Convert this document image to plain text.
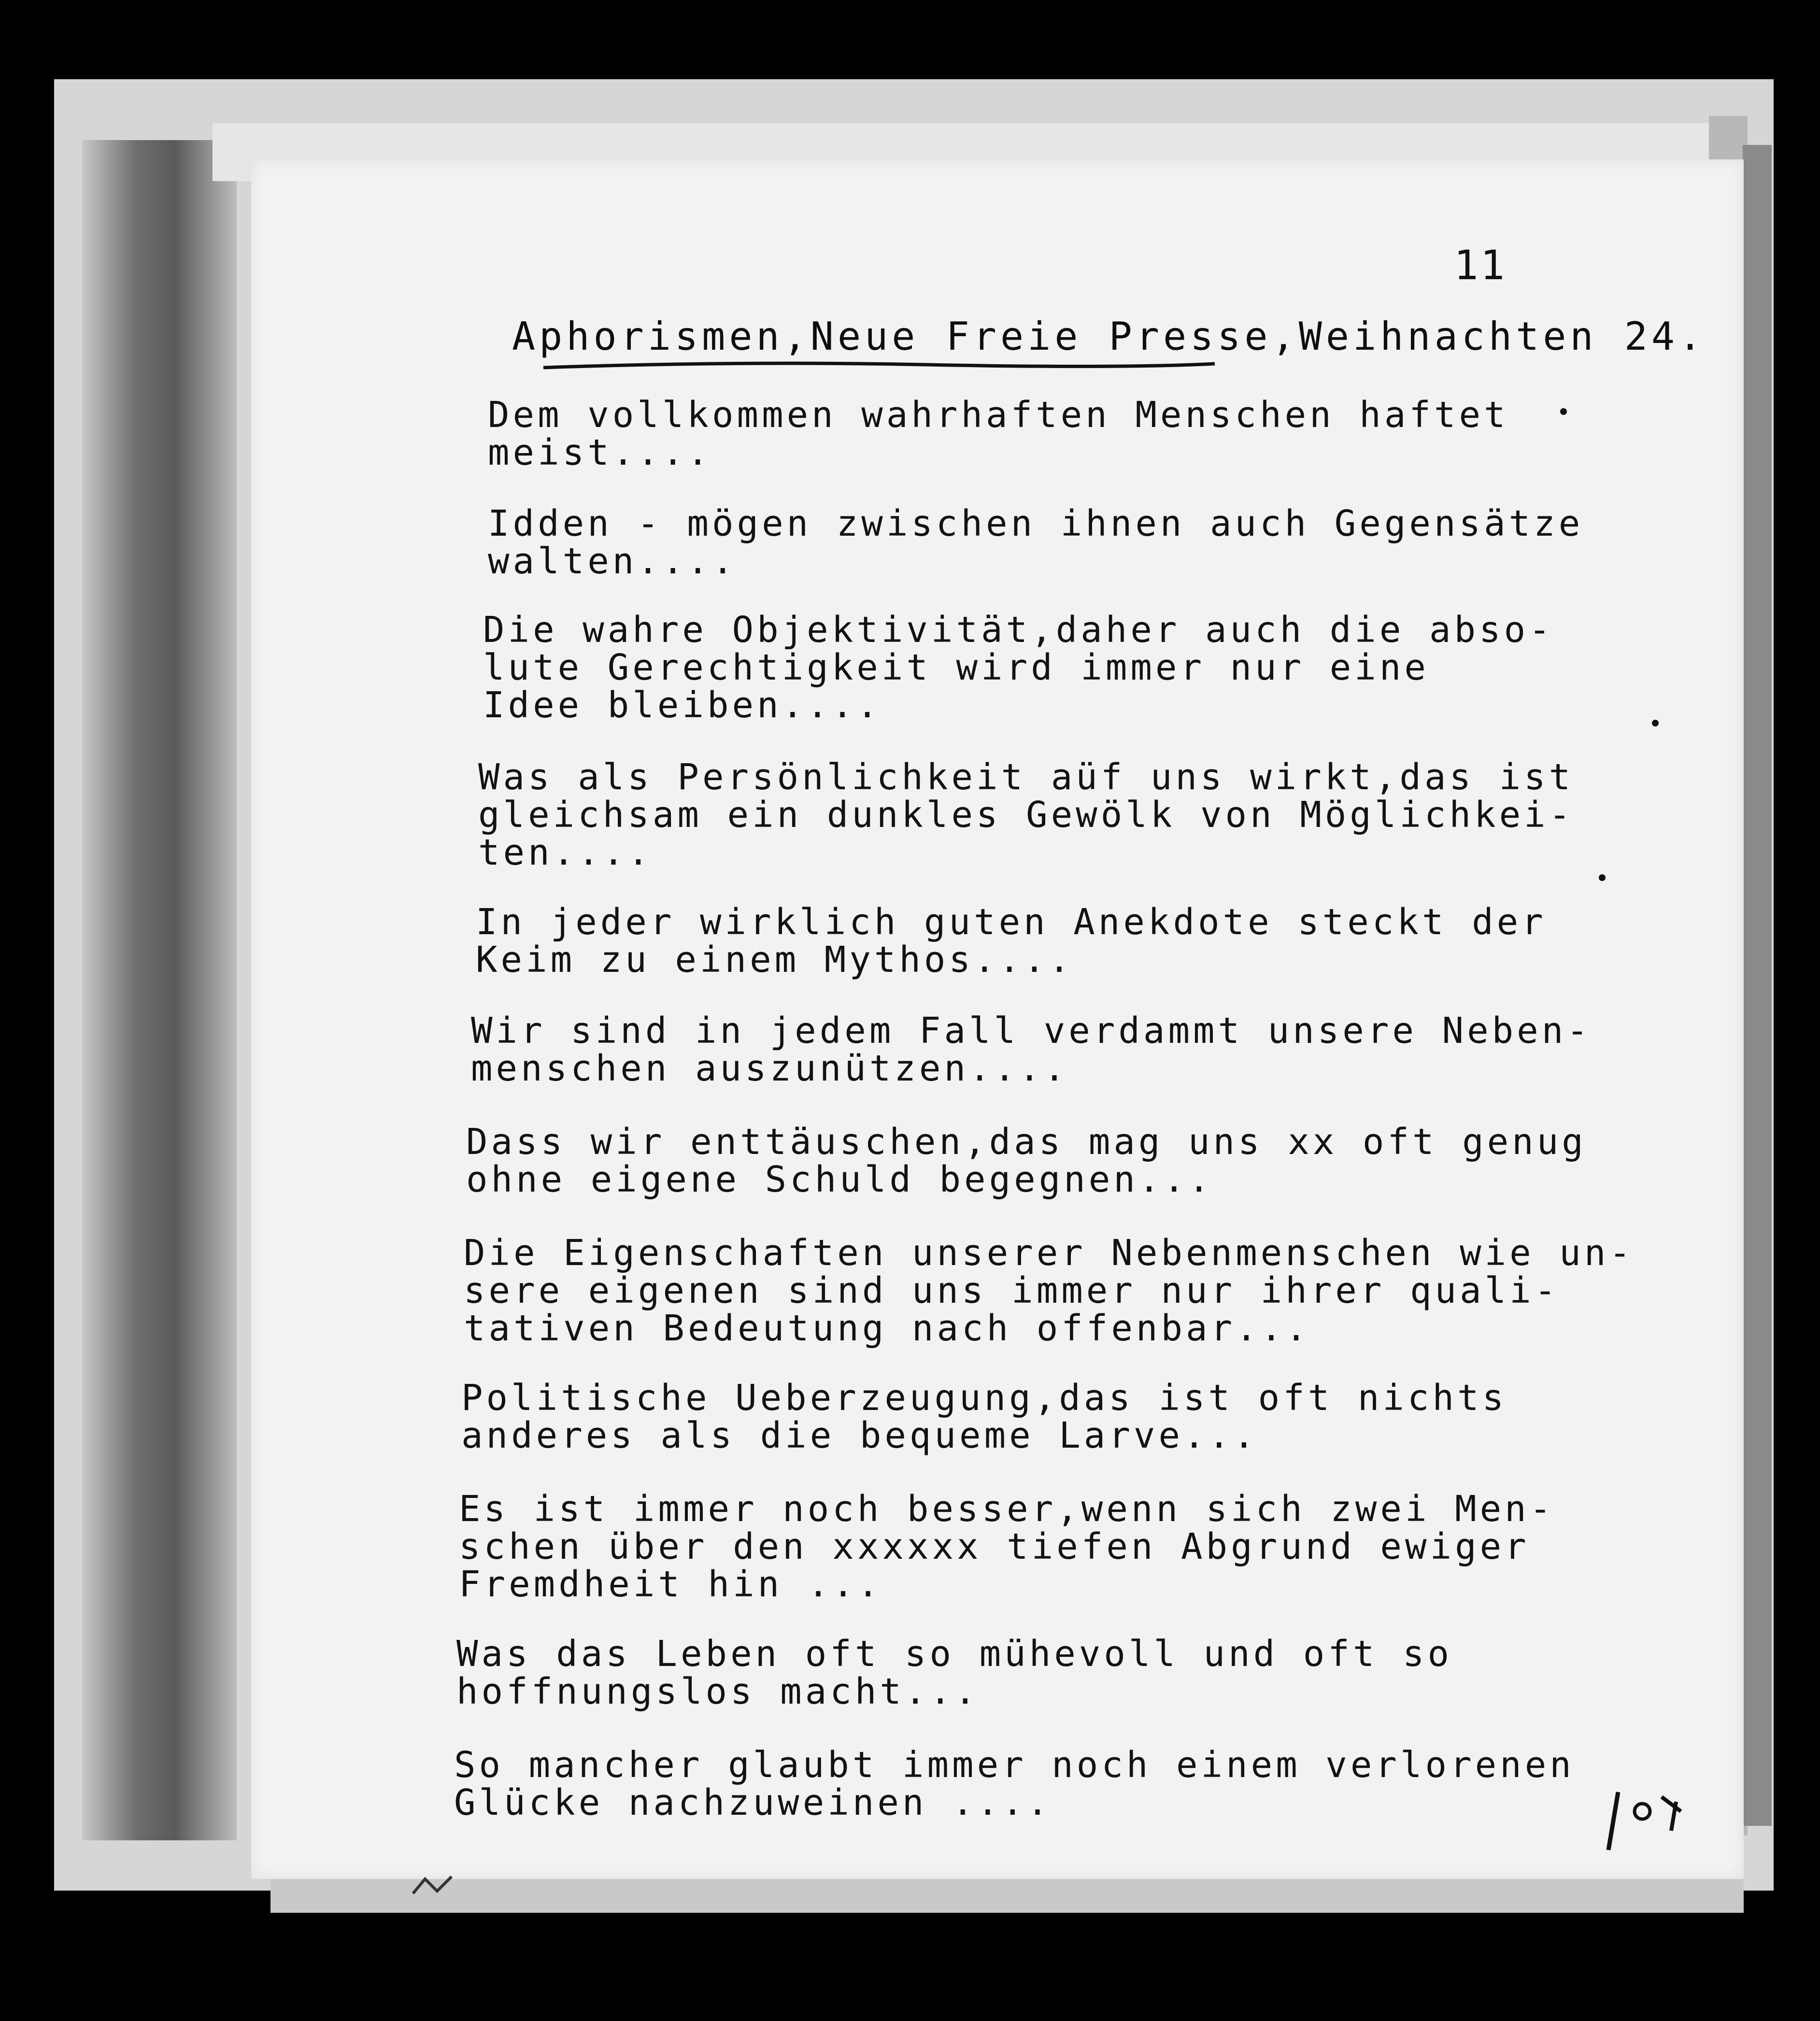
11
Aphorismen,Neue Freie Presse,Weihnachten 24.
Dem vollkommen wahrhaften Menschen haftet
meist....
Idden - mögen zwischen ihnen auch Gegensätze
walten....
Die wahre Objektivität,daher auch die abso-
lute Gerechtigkeit wird immer nur eine
Idee bleiben....
Was als Persönlichkeit aüf uns wirkt,das ist
gleichsam ein dunkles Gewölk von Möglichkei-
ten....
In jeder wirklich guten Anekdote steckt der
Keim zu einem Mythos....
Wir sind in jedem Fall verdammt unsere Neben-
menschen auszunützen....
Dass wir enttäuschen,das mag uns xx oft genug
ohne eigene Schuld begegnen...
Die Eigenschaften unserer Nebenmenschen wie un-
sere eigenen sind uns immer nur ihrer quali-
tativen Bedeutung nach offenbar...
Politische Ueberzeugung,das ist oft nichts
anderes als die bequeme Larve...
Es ist immer noch besser,wenn sich zwei Men-
schen über den xxxxxx tiefen Abgrund ewiger
Fremdheit hin ...
Was das Leben oft so mühevoll und oft so
hoffnungslos macht...
So mancher glaubt immer noch einem verlorenen
Glücke nachzuweinen ....
